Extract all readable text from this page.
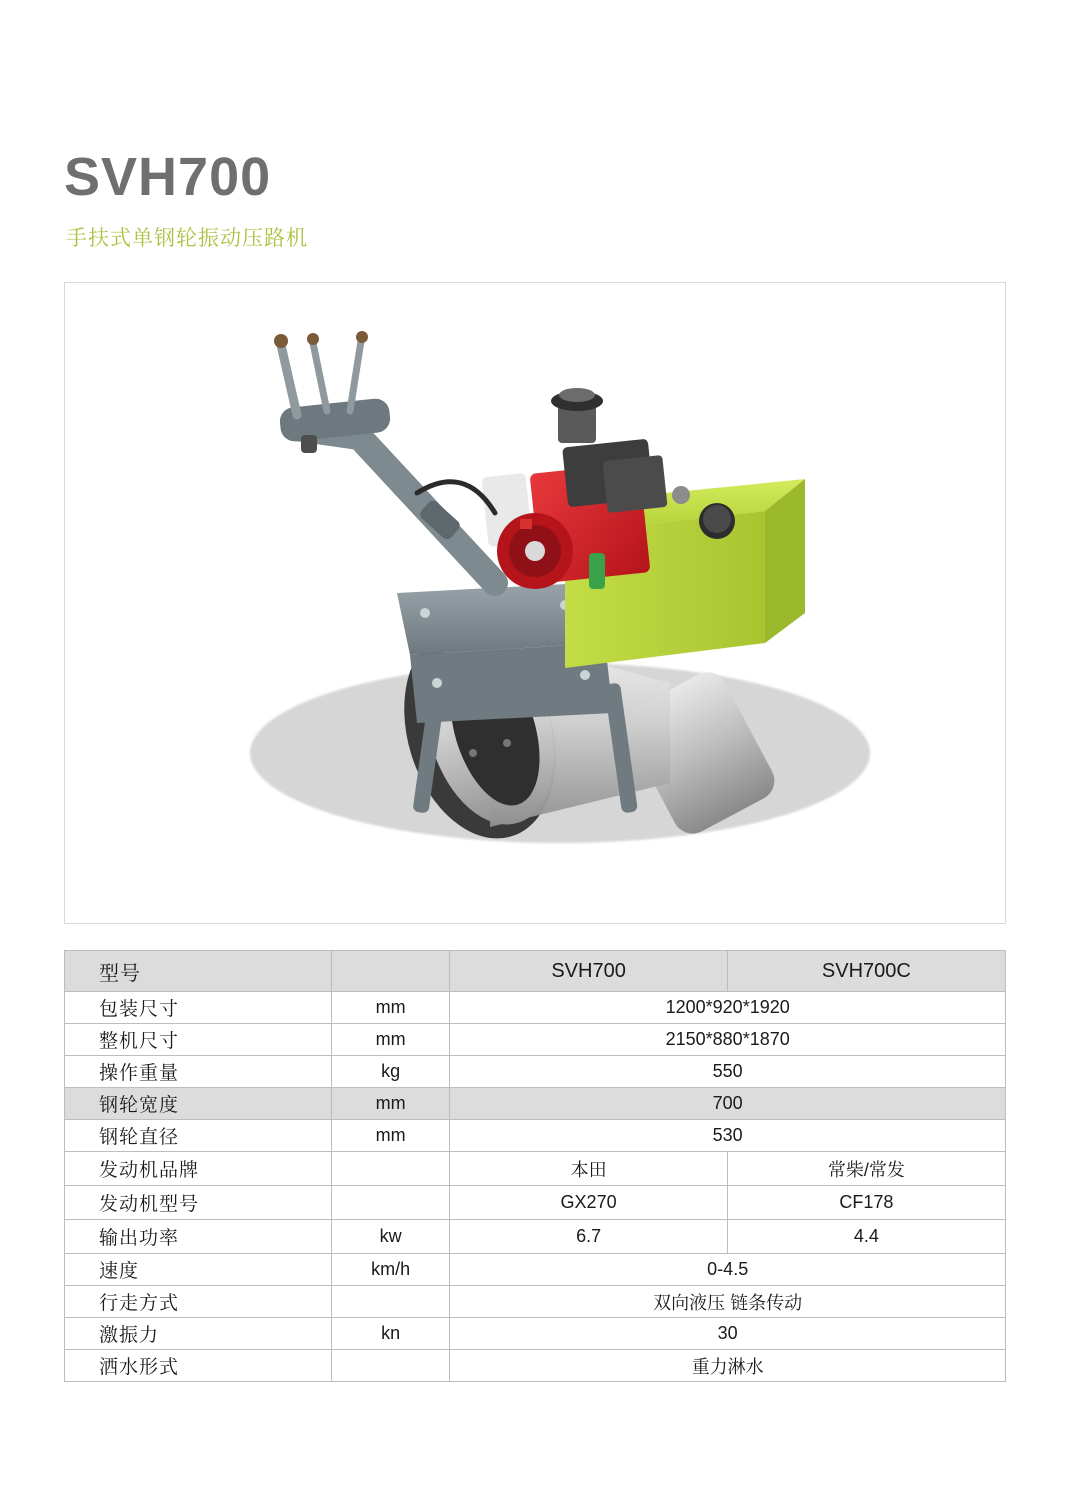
SVH700
手扶式单钢轮振动压路机
型号		SVH700	SVH700C
包装尺寸	mm	1200*920*1920	
整机尺寸	mm	2150*880*1870	
操作重量	kg	550	
钢轮宽度	mm	700	
钢轮直径	mm	530	
发动机品牌		本田	常柴/常发
发动机型号		GX270	CF178
输出功率	kw	6.7	4.4
速度	km/h	0-4.5	
行走方式		双向液压 链条传动	
激振力	kn	30	
洒水形式		重力淋水	
